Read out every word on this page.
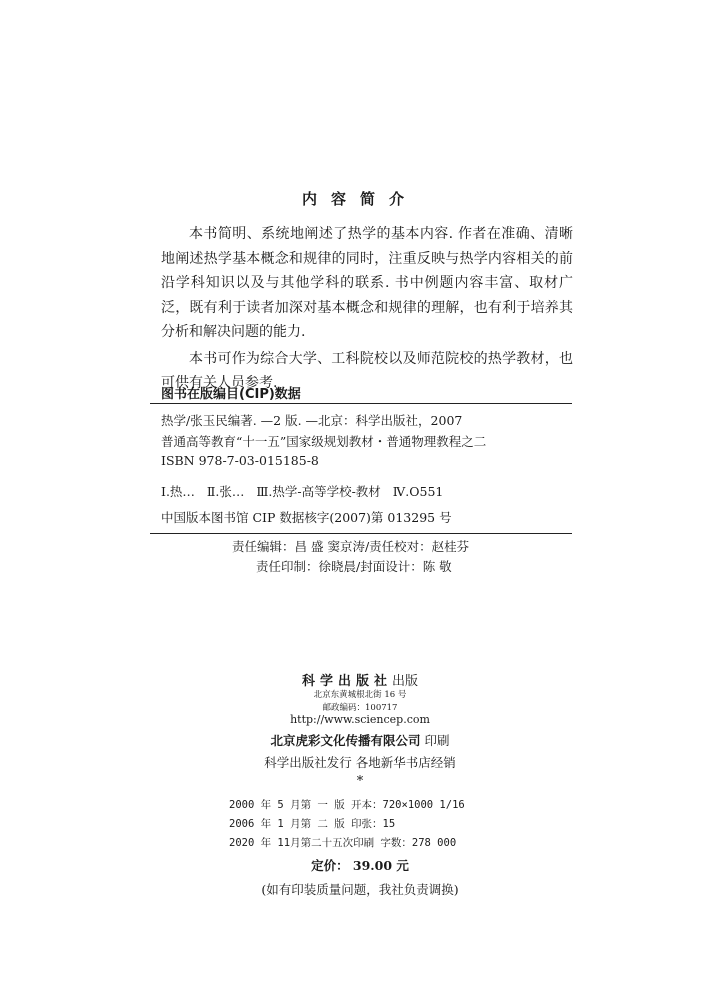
内容简介

本书简明、系统地阐述了热学的基本内容. 作者在准确、清晰地阐述热学基本概念和规律的同时，注重反映与热学内容相关的前沿学科知识以及与其他学科的联系. 书中例题内容丰富、取材广泛，既有利于读者加深对基本概念和规律的理解，也有利于培养其分析和解决问题的能力.

本书可作为综合大学、工科院校以及师范院校的热学教材，也可供有关人员参考.

图书在版编目(CIP)数据
热学/张玉民编著. —2 版. —北京：科学出版社，2007
普通高等教育“十一五”国家级规划教材・普通物理教程之二
ISBN 978-7-03-015185-8
Ⅰ.热… Ⅱ.张… Ⅲ.热学-高等学校-教材 Ⅳ.O551
中国版本图书馆 CIP 数据核字(2007)第 013295 号
责任编辑：昌 盛 窦京涛/责任校对：赵桂芬
责任印制：徐晓晨/封面设计：陈 敬
科学出版社出版
北京东黄城根北街 16 号
邮政编码：100717
http://www.sciencep.com
北京虎彩文化传播有限公司 印刷
科学出版社发行 各地新华书店经销
*
2000 年 5 月第 一 版 开本：720×1000 1/16
2006 年 1 月第 二 版 印张：15
2020 年 11月第二十五次印刷 字数：278 000
定价： 39.00 元
(如有印装质量问题，我社负责调换)
